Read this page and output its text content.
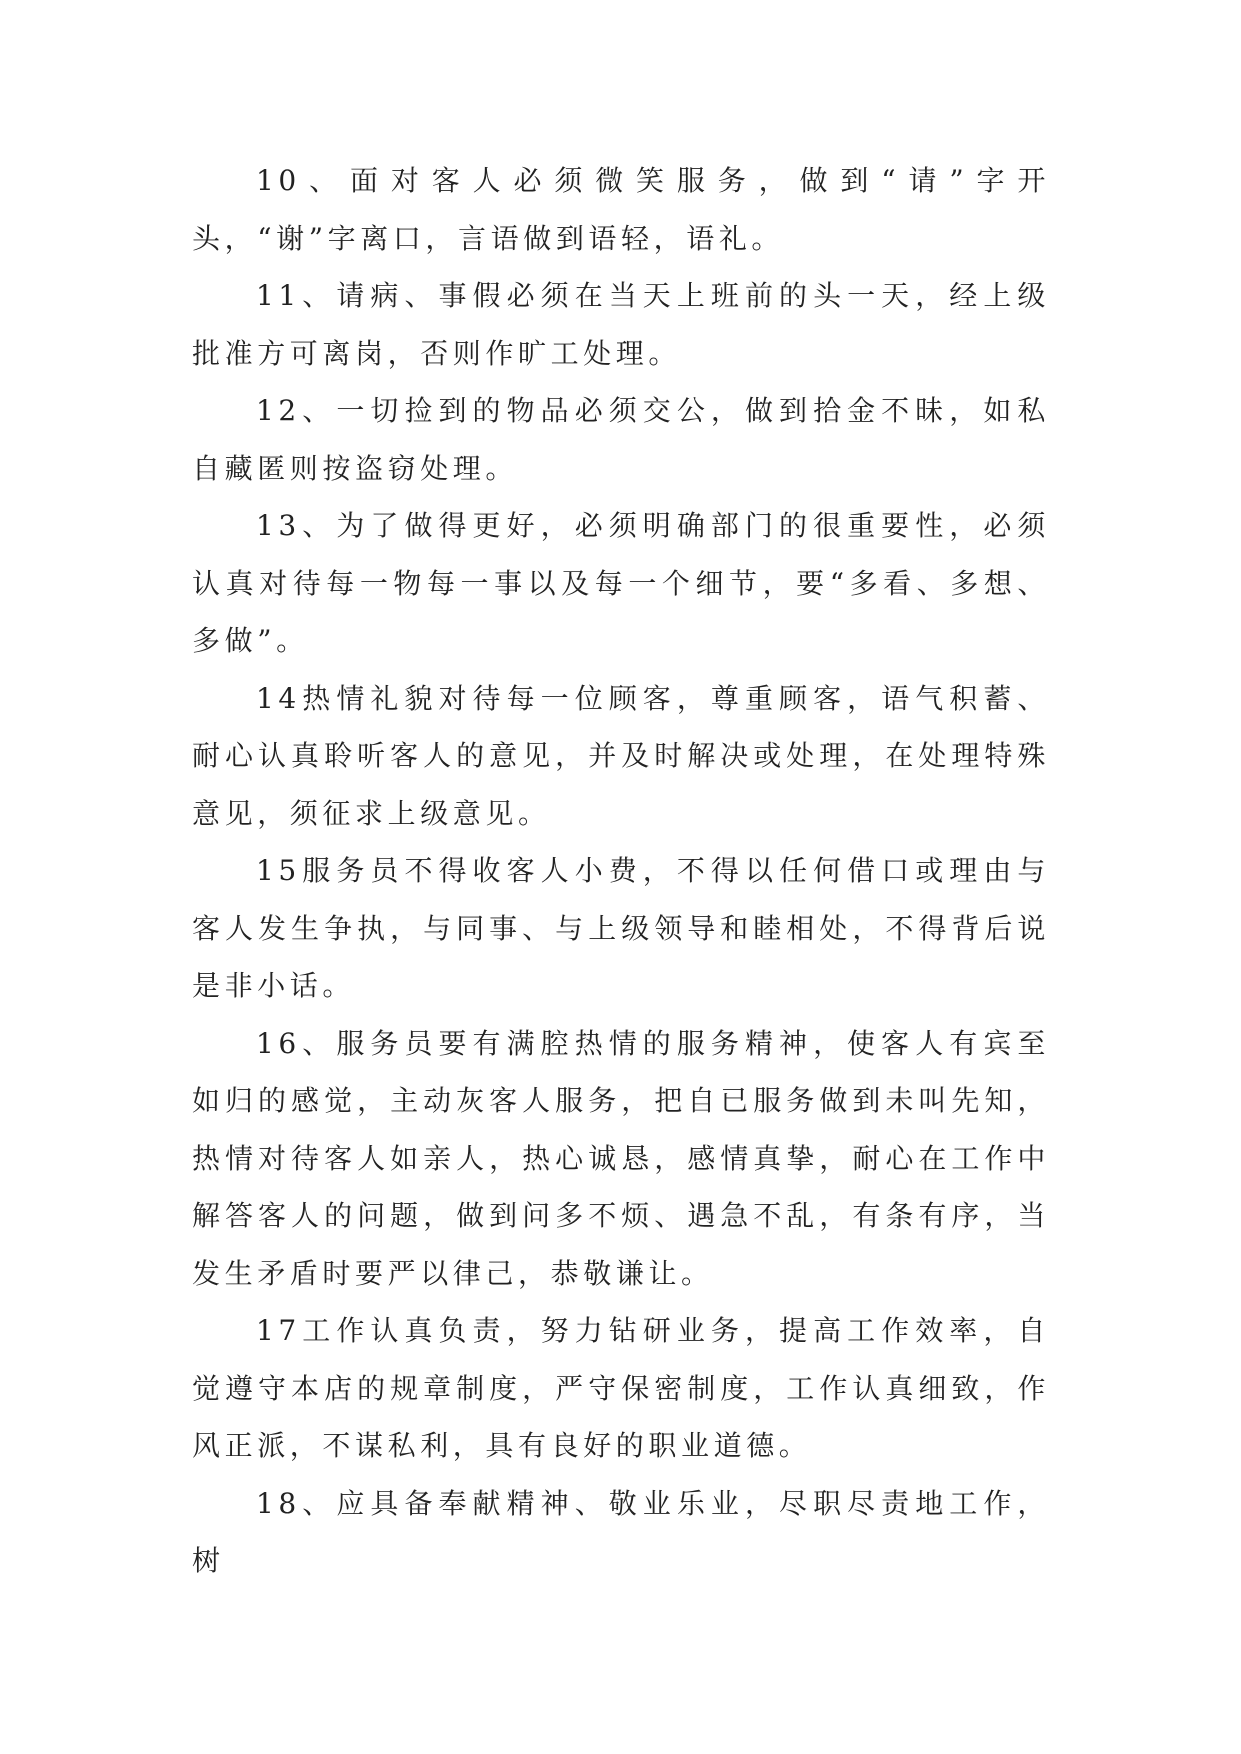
10、面对客人必须微笑服务，做到“请”字开头，“谢”字离口，言语做到语轻，语礼。

11、请病、事假必须在当天上班前的头一天，经上级批准方可离岗，否则作旷工处理。

12、一切捡到的物品必须交公，做到拾金不昧，如私自藏匿则按盗窃处理。

13、为了做得更好，必须明确部门的很重要性，必须认真对待每一物每一事以及每一个细节，要“多看、多想、多做”。

14热情礼貌对待每一位顾客，尊重顾客，语气积蓄、耐心认真聆听客人的意见，并及时解决或处理，在处理特殊意见，须征求上级意见。

15服务员不得收客人小费，不得以任何借口或理由与客人发生争执，与同事、与上级领导和睦相处，不得背后说是非小话。

16、服务员要有满腔热情的服务精神，使客人有宾至如归的感觉，主动灰客人服务，把自已服务做到未叫先知，热情对待客人如亲人，热心诚恳，感情真挚，耐心在工作中解答客人的问题，做到问多不烦、遇急不乱，有条有序，当发生矛盾时要严以律己，恭敬谦让。

17工作认真负责，努力钻研业务，提高工作效率，自觉遵守本店的规章制度，严守保密制度，工作认真细致，作风正派，不谋私利，具有良好的职业道德。

18、应具备奉献精神、敬业乐业，尽职尽责地工作，树
